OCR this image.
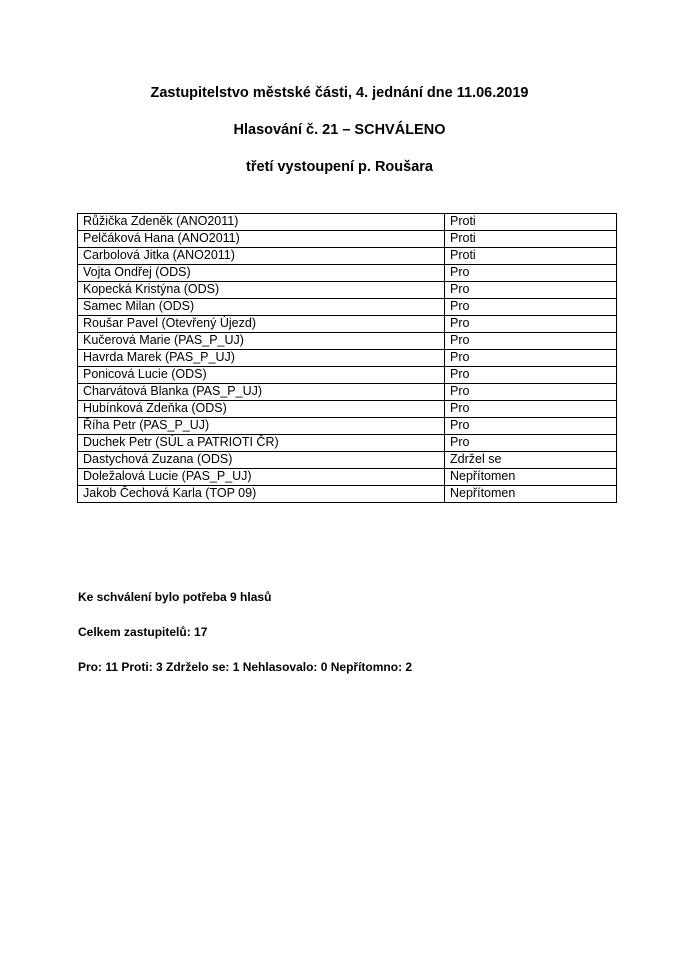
Zastupitelstvo městské části, 4. jednání dne 11.06.2019
Hlasování č. 21 – SCHVÁLENO
třetí vystoupení p. Roušara
Růžička Zdeněk (ANO2011)	Proti
Pelčáková Hana (ANO2011)	Proti
Carbolová Jitka (ANO2011)	Proti
Vojta Ondřej (ODS)	Pro
Kopecká Kristýna (ODS)	Pro
Samec Milan (ODS)	Pro
Roušar Pavel (Otevřený Újezd)	Pro
Kučerová Marie (PAS_P_UJ)	Pro
Havrda Marek (PAS_P_UJ)	Pro
Ponicová Lucie (ODS)	Pro
Charvátová Blanka (PAS_P_UJ)	Pro
Hubínková Zdeňka (ODS)	Pro
Říha Petr (PAS_P_UJ)	Pro
Duchek Petr (SÚL a PATRIOTI ČR)	Pro
Dastychová Zuzana (ODS)	Zdržel se
Doležalová Lucie (PAS_P_UJ)	Nepřítomen
Jakob Čechová Karla (TOP 09)	Nepřítomen
Ke schválení bylo potřeba 9 hlasů
Celkem zastupitelů: 17
Pro: 11 Proti: 3 Zdrželo se: 1 Nehlasovalo: 0 Nepřítomno: 2
